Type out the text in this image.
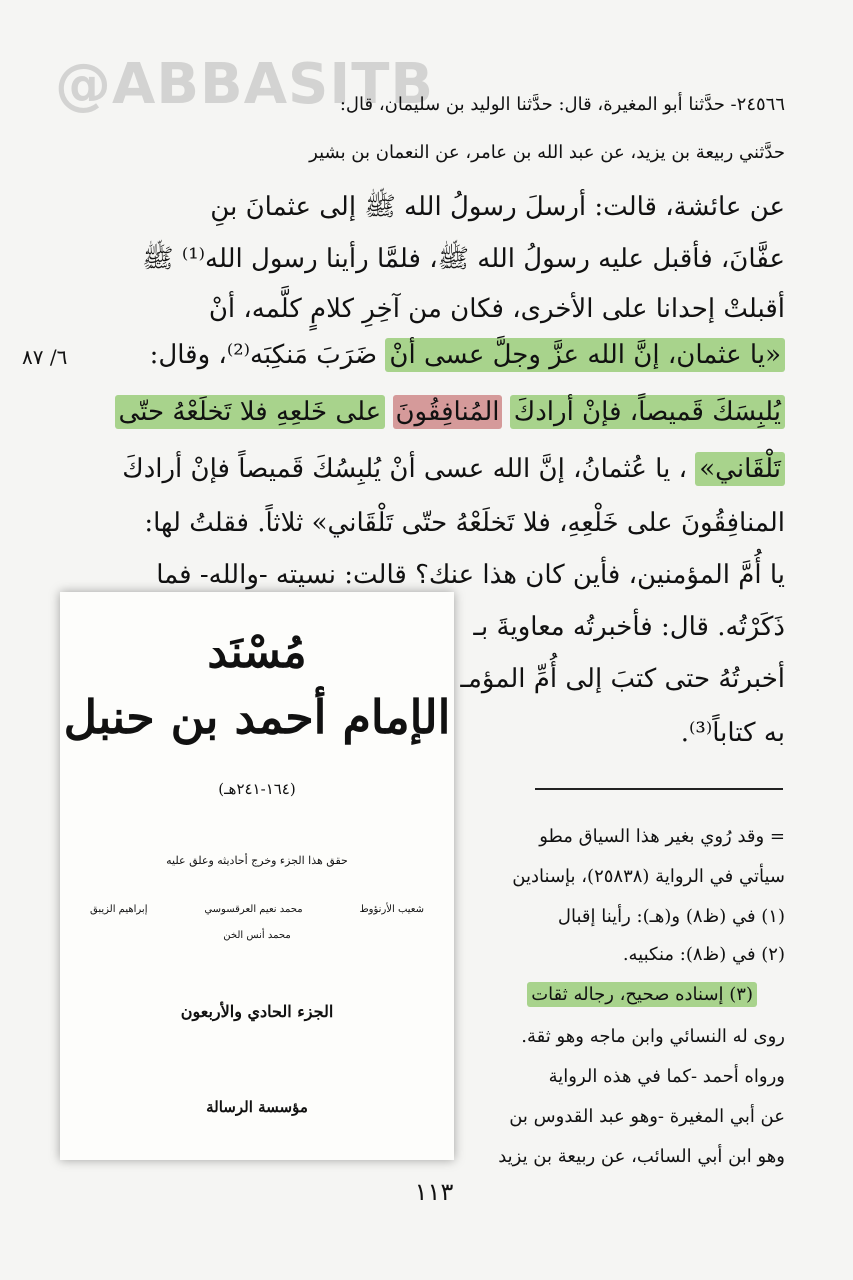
@ABBASITB
٢٤٥٦٦- حدَّثنا أبو المغيرة، قال: حدَّثنا الوليد بن سليمان، قال:
حدَّثني ربيعة بن يزيد، عن عبد الله بن عامر، عن النعمان بن بشير
عن عائشة، قالت: أرسلَ رسولُ الله ﷺ إلى عثمانَ بنِ
عفَّانَ، فأقبل عليه رسولُ الله ﷺ، فلمَّا رأينا رسول الله⁽¹⁾ ﷺ
أقبلتْ إحدانا على الأخرى، فكان من آخِرِ كلامٍ كلَّمه، أنْ
«يا عثمان، إنَّ الله عزَّ وجلَّ عسى أنْ ضَرَبَ مَنكِبَه⁽²⁾، وقال:
يُلبِسَكَ قَميصاً، فإنْ أرادكَ المُنافِقُونَ على خَلعِهِ فلا تَخلَعْهُ حتّى
تَلْقَاني» ، يا عُثمانُ، إنَّ الله عسى أنْ يُلبِسُكَ قَميصاً فإنْ أرادكَ
المنافِقُونَ على خَلْعِهِ، فلا تَخلَعْهُ حتّى تَلْقَاني» ثلاثاً. فقلتُ لها:
يا أُمَّ المؤمنين، فأين كان هذا عنك؟ قالت: نسيته -والله- فما
ذَكَرْتُه. قال: فأخبرتُه معاويةَ بـ
أخبرتُهُ حتى كتبَ إلى أُمِّ المؤمـ
به كتاباً⁽³⁾.
٦/ ٨٧
= وقد رُوي بغير هذا السياق مطو
سيأتي في الرواية (٢٥٨٣٨)، بإسنادين
(١) في (ظ٨) و(هـ): رأينا إقبال
(٢) في (ظ٨): منكبيه.
(٣) إسناده صحيح، رجاله ثقات
روى له النسائي وابن ماجه وهو ثقة.
ورواه أحمد -كما في هذه الرواية
عن أبي المغيرة -وهو عبد القدوس بن
وهو ابن أبي السائب، عن ربيعة بن يزيد
١١٣
مُسْنَد
الإمام أحمد بن حنبل
(١٦٤-٢٤١هـ)
حقق هذا الجزء وخرج أحاديثه وعلق عليه
شعيب الأرنؤوط
محمد نعيم العرقسوسي
إبراهيم الزيبق
محمد أنس الخن
الجزء الحادي والأربعون
مؤسسة الرسالة
